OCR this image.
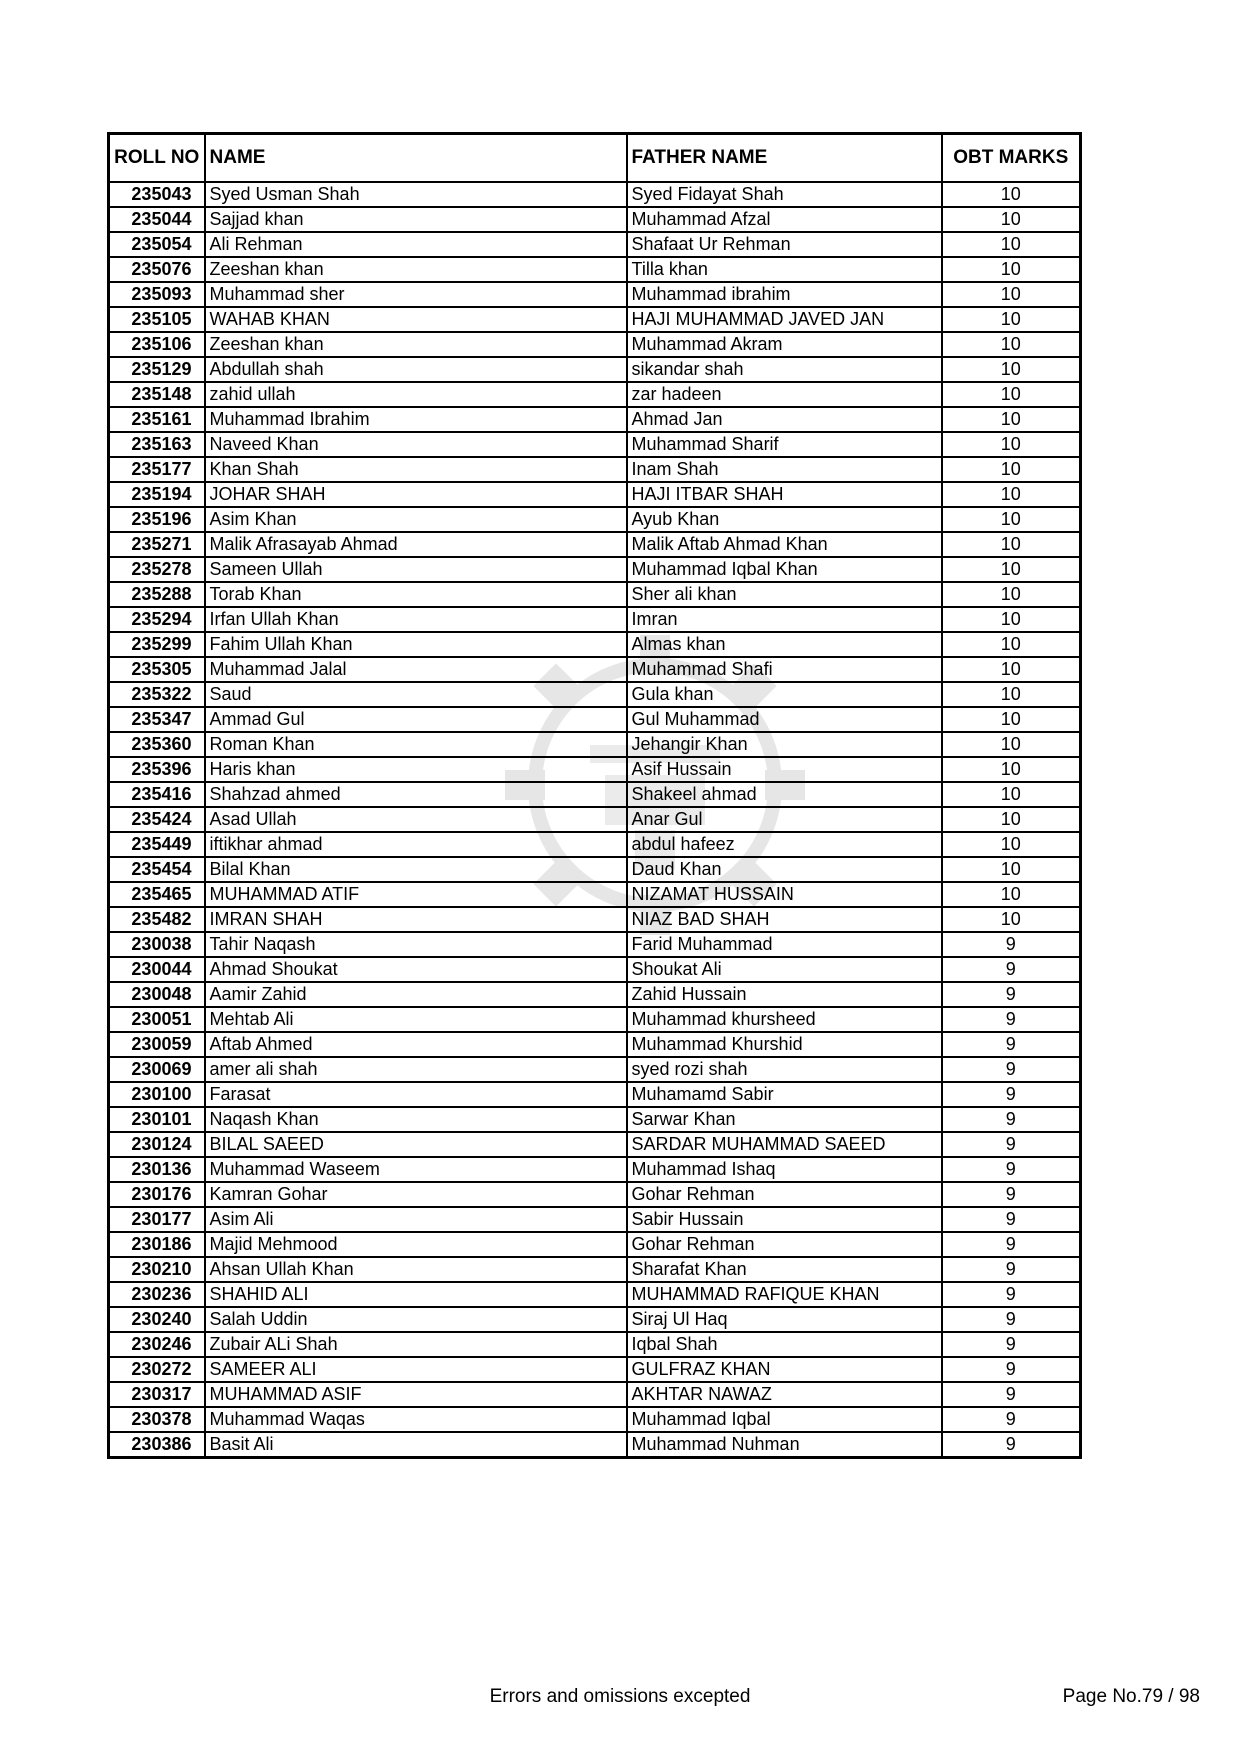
ROLL NO	NAME	FATHER NAME	OBT MARKS
235043	Syed Usman Shah	Syed Fidayat Shah	10
235044	Sajjad khan	Muhammad Afzal	10
235054	Ali Rehman	Shafaat Ur Rehman	10
235076	Zeeshan khan	Tilla khan	10
235093	Muhammad sher	Muhammad ibrahim	10
235105	WAHAB KHAN	HAJI MUHAMMAD JAVED JAN	10
235106	Zeeshan khan	Muhammad Akram	10
235129	Abdullah shah	sikandar shah	10
235148	zahid ullah	zar hadeen	10
235161	Muhammad Ibrahim	Ahmad Jan	10
235163	Naveed Khan	Muhammad Sharif	10
235177	Khan Shah	Inam Shah	10
235194	JOHAR SHAH	HAJI ITBAR SHAH	10
235196	Asim Khan	Ayub Khan	10
235271	Malik Afrasayab Ahmad	Malik Aftab Ahmad Khan	10
235278	Sameen Ullah	Muhammad Iqbal Khan	10
235288	Torab Khan	Sher ali khan	10
235294	Irfan Ullah Khan	Imran	10
235299	Fahim Ullah Khan	Almas khan	10
235305	Muhammad Jalal	Muhammad Shafi	10
235322	Saud	Gula khan	10
235347	Ammad Gul	Gul Muhammad	10
235360	Roman Khan	Jehangir Khan	10
235396	Haris khan	Asif Hussain	10
235416	Shahzad ahmed	Shakeel ahmad	10
235424	Asad Ullah	Anar Gul	10
235449	iftikhar ahmad	abdul hafeez	10
235454	Bilal Khan	Daud Khan	10
235465	MUHAMMAD ATIF	NIZAMAT HUSSAIN	10
235482	IMRAN SHAH	NIAZ BAD SHAH	10
230038	Tahir Naqash	Farid Muhammad	9
230044	Ahmad Shoukat	Shoukat Ali	9
230048	Aamir Zahid	Zahid Hussain	9
230051	Mehtab Ali	Muhammad khursheed	9
230059	Aftab Ahmed	Muhammad Khurshid	9
230069	amer ali shah	syed rozi shah	9
230100	Farasat	Muhamamd Sabir	9
230101	Naqash Khan	Sarwar Khan	9
230124	BILAL SAEED	SARDAR MUHAMMAD SAEED	9
230136	Muhammad Waseem	Muhammad Ishaq	9
230176	Kamran Gohar	Gohar Rehman	9
230177	Asim Ali	Sabir Hussain	9
230186	Majid Mehmood	Gohar Rehman	9
230210	Ahsan Ullah Khan	Sharafat Khan	9
230236	SHAHID ALI	MUHAMMAD RAFIQUE KHAN	9
230240	Salah Uddin	Siraj Ul Haq	9
230246	Zubair ALi Shah	Iqbal Shah	9
230272	SAMEER ALI	GULFRAZ KHAN	9
230317	MUHAMMAD ASIF	AKHTAR NAWAZ	9
230378	Muhammad Waqas	Muhammad Iqbal	9
230386	Basit Ali	Muhammad Nuhman	9
Errors and omissions excepted	Page No.79 / 98
